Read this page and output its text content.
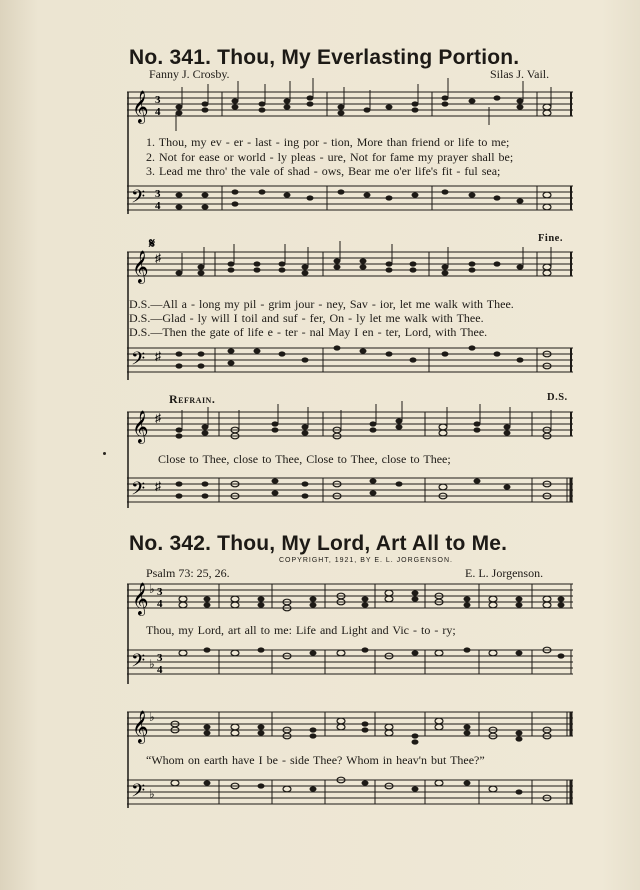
No. 341. Thou, My Everlasting Portion.
Fanny J. Crosby.	Silas J. Vail.
𝄞 3
4
1. Thou, my ev - er - last - ing por - tion, More than friend or life to me;
2. Not for ease or world - ly pleas - ure, Not for fame my prayer shall be;
3. Lead me thro' the vale of shad - ows, Bear me o'er life's fit - ful sea;
𝄢 3
4
𝄋
𝄞 ♯
Fine.
D.S.—All a - long my pil - grim jour - ney, Sav - ior, let me walk with Thee.
D.S.—Glad - ly will I toil and suf - fer, On - ly let me walk with Thee.
D.S.—Then the gate of life e - ter - nal May I en - ter, Lord, with Thee.
𝄢 ♯
Refrain.	D.S.
𝄞 ♯
Close to Thee, close to Thee, Close to Thee, close to Thee;
𝄢 ♯
No. 342. Thou, My Lord, Art All to Me.
COPYRIGHT, 1921, BY E. L. JORGENSON.
Psalm 73: 25, 26.	E. L. Jorgenson.
𝄞 ♭ 3
4
Thou, my Lord, art all to me: Life and Light and Vic - to - ry;
𝄢 ♭ 3
4
𝄞 ♭
“Whom on earth have I be - side Thee? Whom in heav'n but Thee?”
𝄢 ♭
